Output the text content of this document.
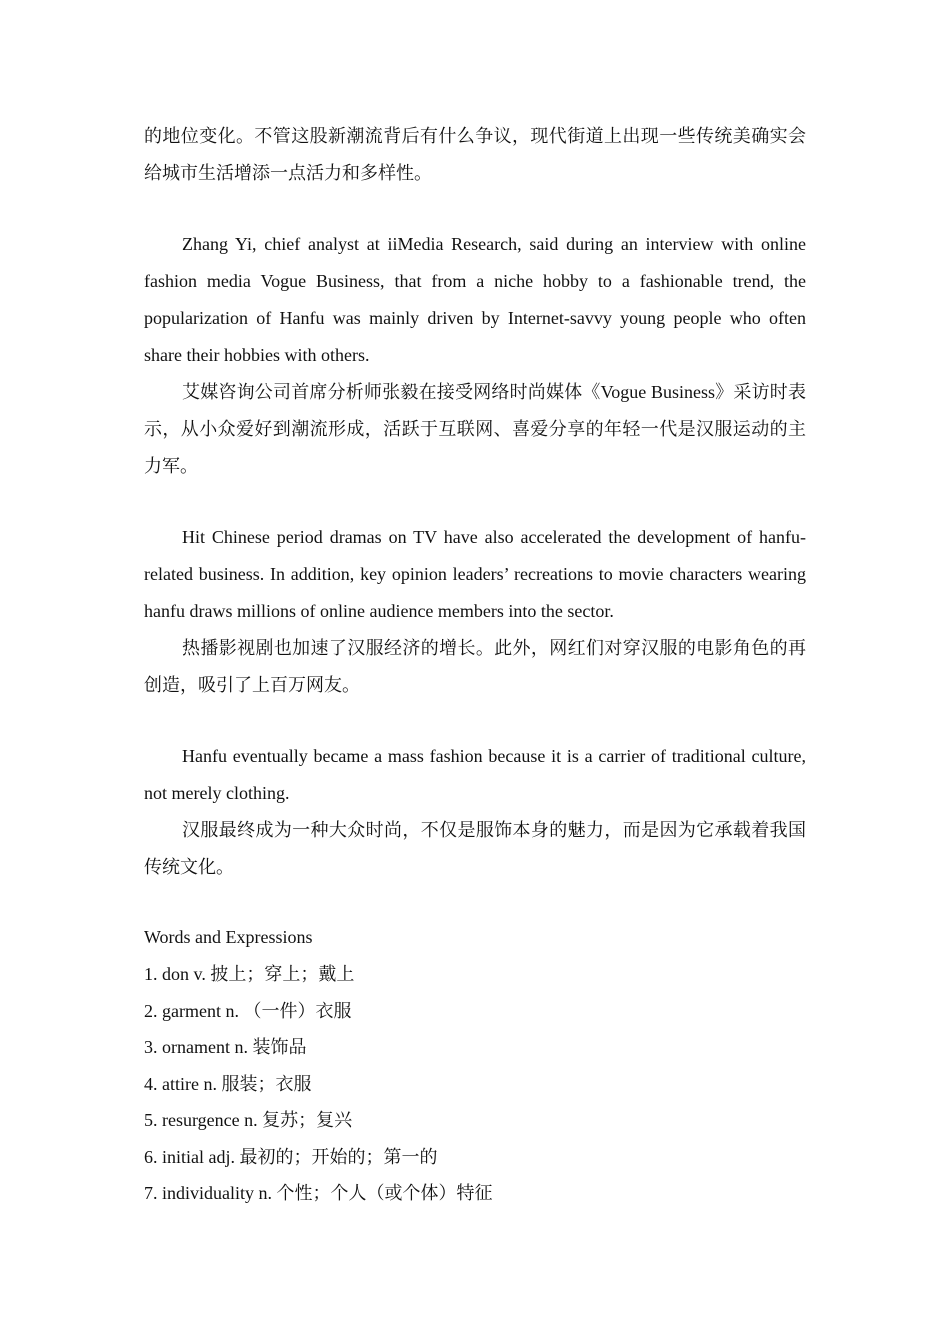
的地位变化。不管这股新潮流背后有什么争议，现代街道上出现一些传统美确实会给城市生活增添一点活力和多样性。

Zhang Yi, chief analyst at iiMedia Research, said during an interview with online fashion media Vogue Business, that from a niche hobby to a fashionable trend, the popularization of Hanfu was mainly driven by Internet-savvy young people who often share their hobbies with others.

艾媒咨询公司首席分析师张毅在接受网络时尚媒体《Vogue Business》采访时表示，从小众爱好到潮流形成，活跃于互联网、喜爱分享的年轻一代是汉服运动的主力军。

Hit Chinese period dramas on TV have also accelerated the development of hanfu-related business. In addition, key opinion leaders’ recreations to movie characters wearing hanfu draws millions of online audience members into the sector.

热播影视剧也加速了汉服经济的增长。此外，网红们对穿汉服的电影角色的再创造，吸引了上百万网友。

Hanfu eventually became a mass fashion because it is a carrier of traditional culture, not merely clothing.

汉服最终成为一种大众时尚，不仅是服饰本身的魅力，而是因为它承载着我国传统文化。

Words and Expressions

1. don v. 披上；穿上；戴上
2. garment n. （一件）衣服
3. ornament n. 装饰品
4. attire n. 服装；衣服
5. resurgence n. 复苏；复兴
6. initial adj. 最初的；开始的；第一的
7. individuality n. 个性；个人（或个体）特征
